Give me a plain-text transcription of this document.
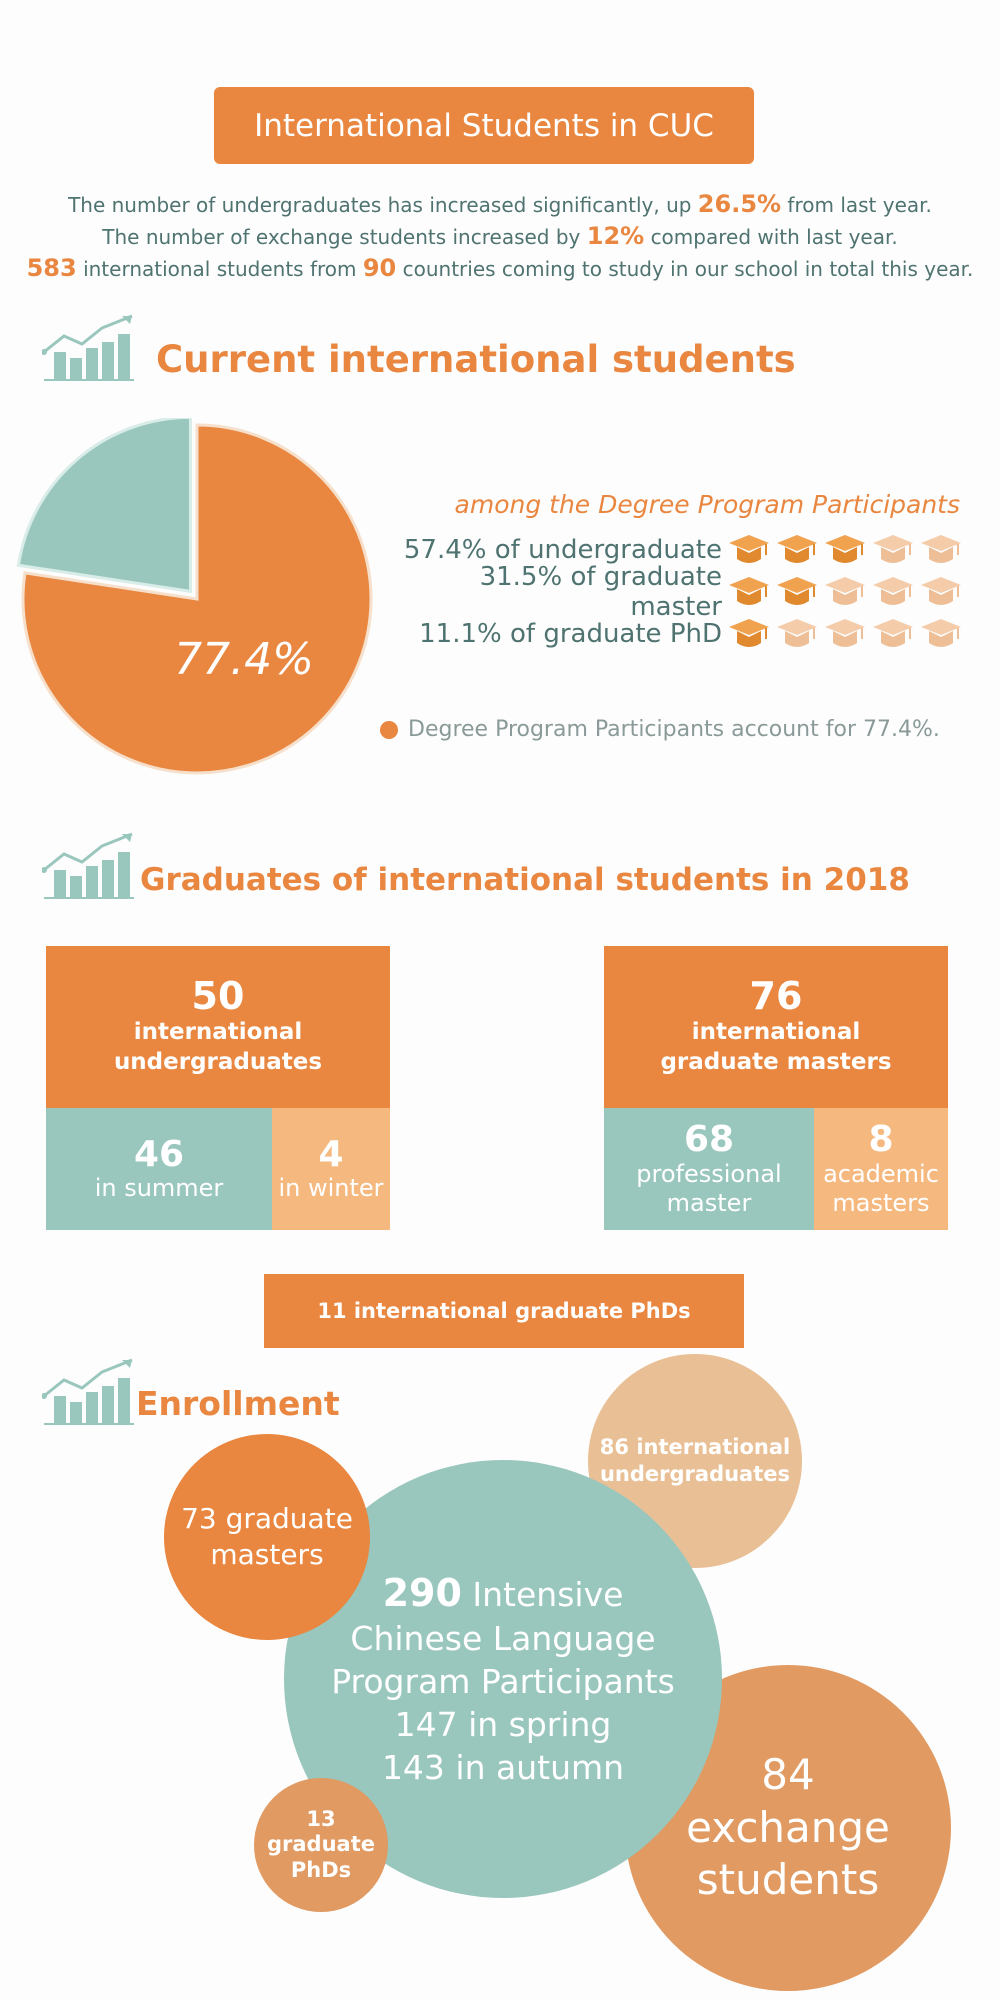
International Students in CUC
The number of undergraduates has increased significantly, up 26.5% from last year.
The number of exchange students increased by 12% compared with last year.
583 international students from 90 countries coming to study in our school in total this year.
Current international students
77.4%
among the Degree Program Participants
57.4% of undergraduate
31.5% of graduate master
11.1% of graduate PhD
Degree Program Participants account for 77.4%.
Graduates of international students in 2018
50
international
undergraduates
46
in summer
4
in winter
76
international
graduate masters
68
professional
master
8
academic
masters
11 international graduate PhDs
Enrollment
86 international
undergraduates
84
exchange
students
290 Intensive
Chinese Language
Program Participants
147 in spring
143 in autumn
73 graduate
masters
13
graduate
PhDs
